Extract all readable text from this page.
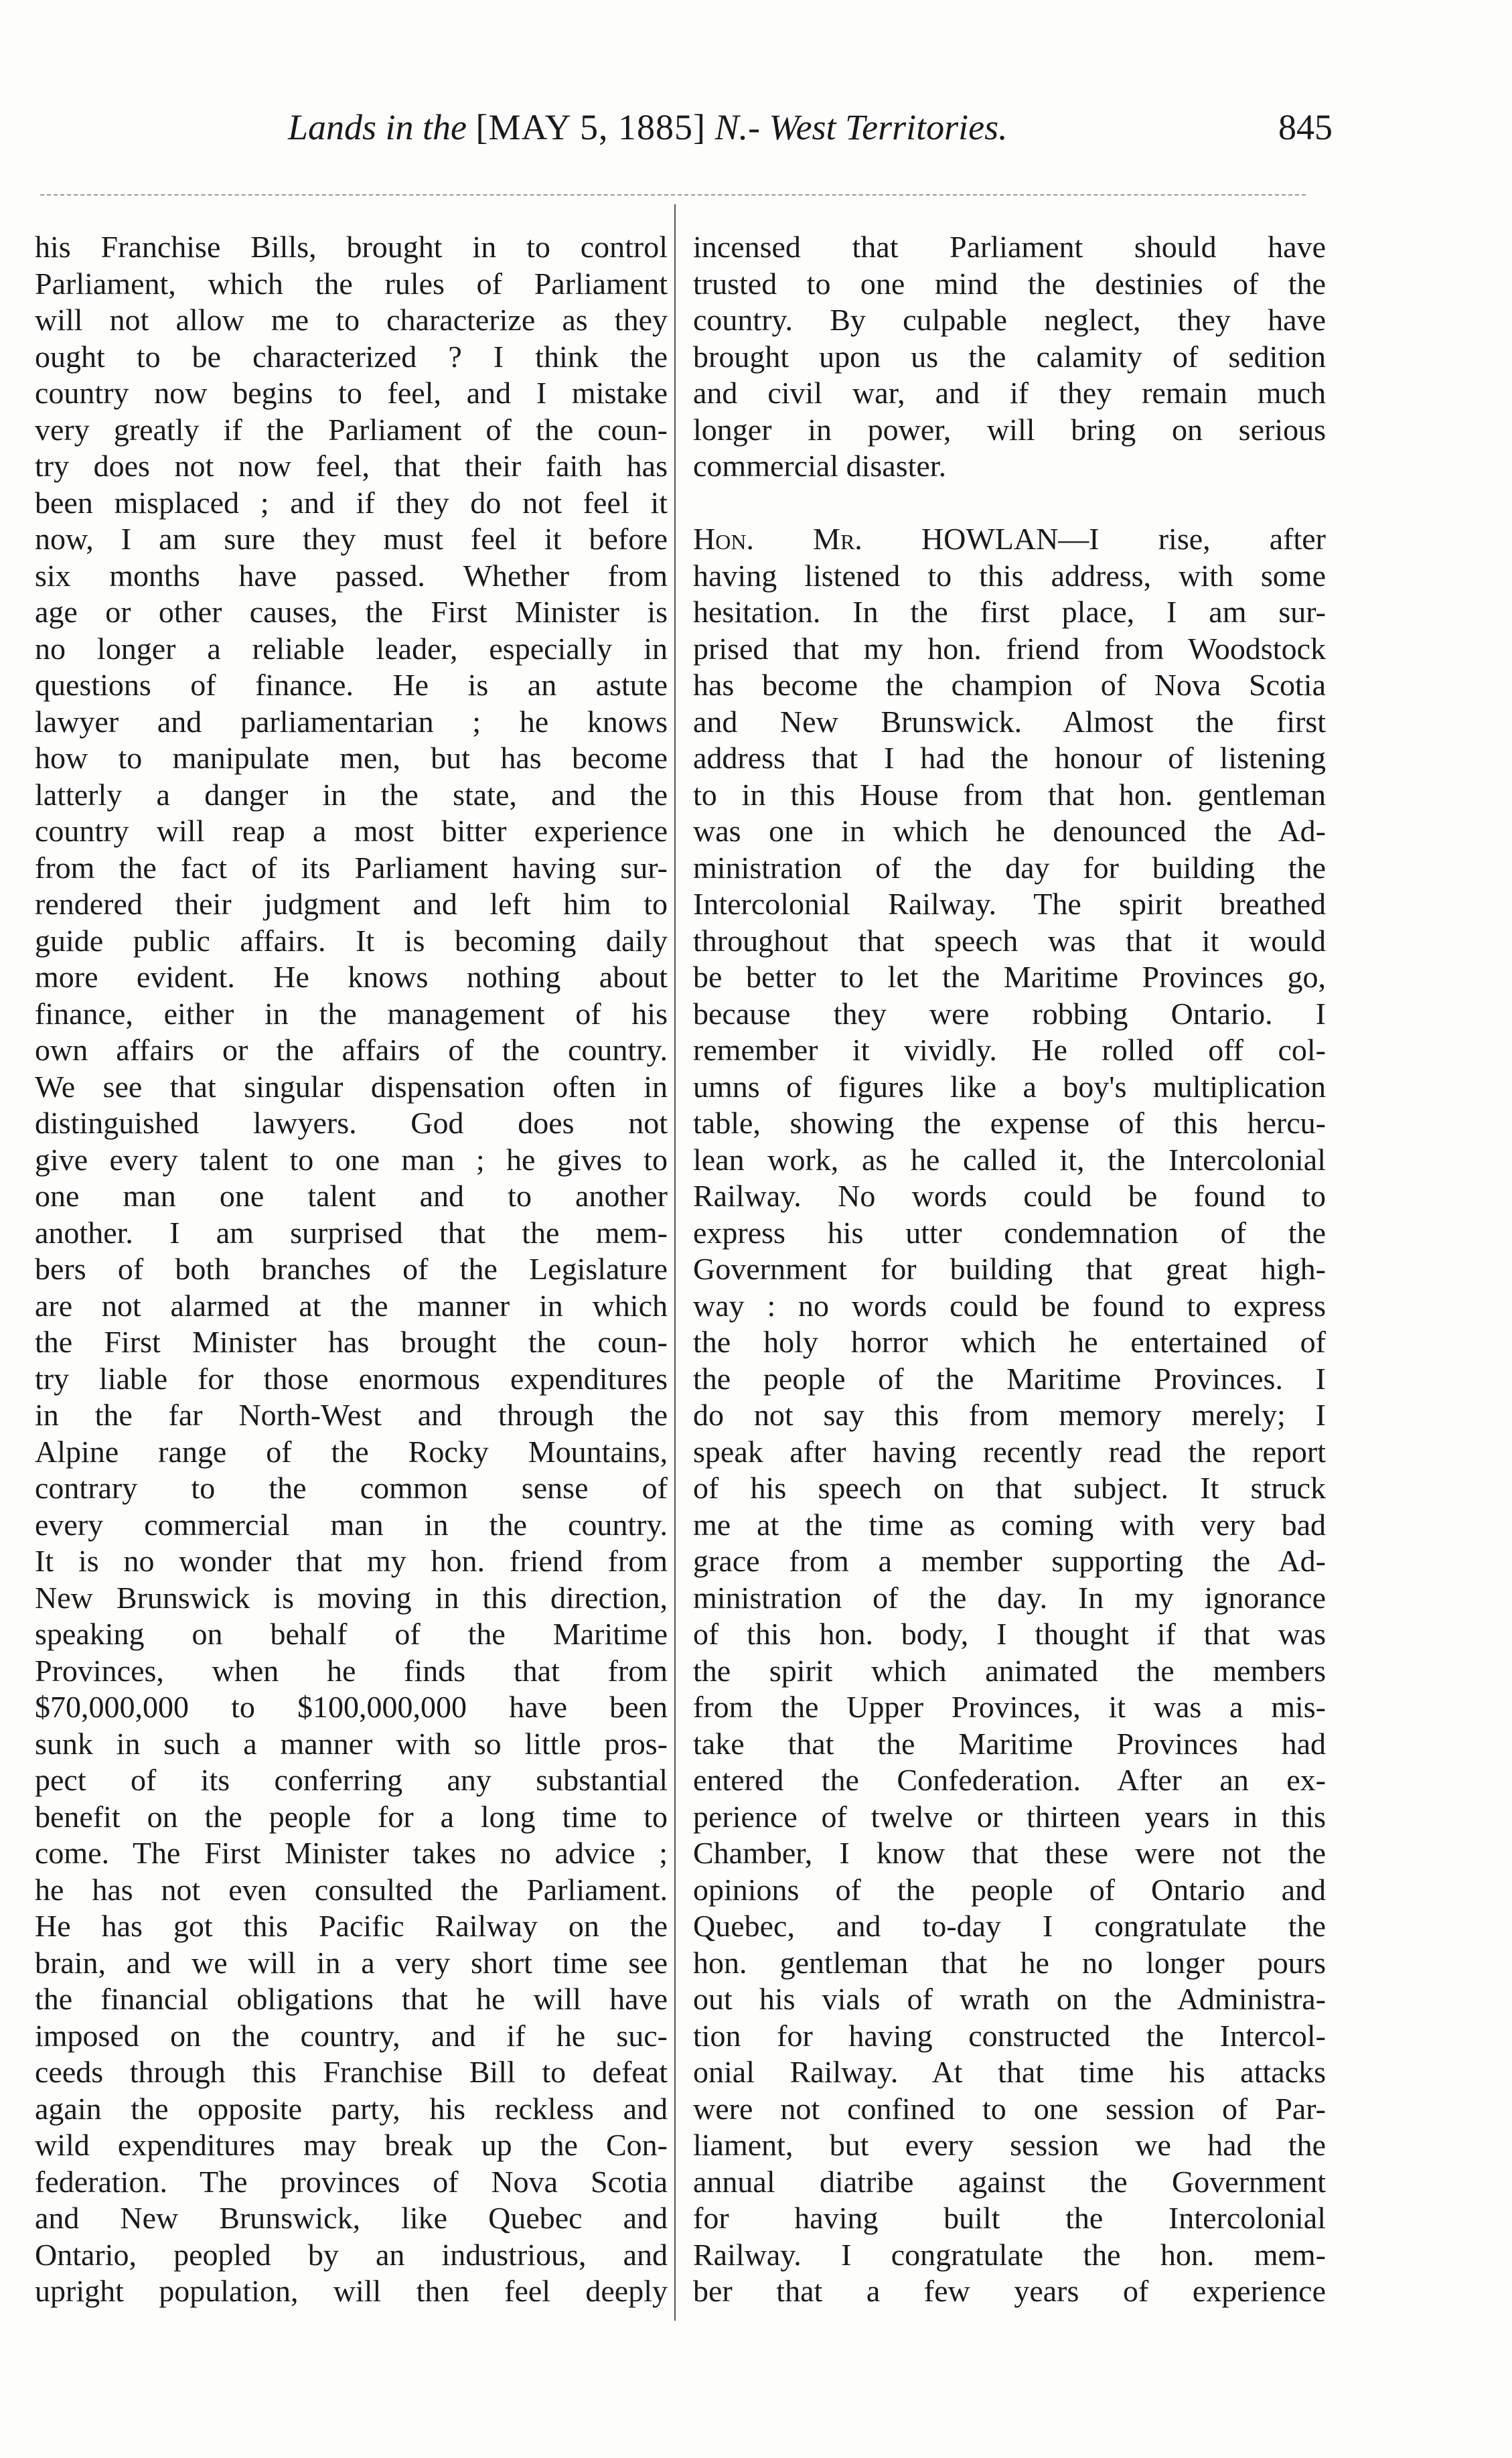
Lands in the [MAY 5, 1885] N.- West Territories.	845
his Franchise Bills, brought in to control
Parliament, which the rules of Parliament
will not allow me to characterize as they
ought to be characterized ? I think the
country now begins to feel, and I mistake
very greatly if the Parliament of the coun-
try does not now feel, that their faith has
been misplaced ; and if they do not feel it
now, I am sure they must feel it before
six months have passed. Whether from
age or other causes, the First Minister is
no longer a reliable leader, especially in
questions of finance. He is an astute
lawyer and parliamentarian ; he knows
how to manipulate men, but has become
latterly a danger in the state, and the
country will reap a most bitter experience
from the fact of its Parliament having sur-
rendered their judgment and left him to
guide public affairs. It is becoming daily
more evident. He knows nothing about
finance, either in the management of his
own affairs or the affairs of the country.
We see that singular dispensation often in
distinguished lawyers. God does not
give every talent to one man ; he gives to
one man one talent and to another
another. I am surprised that the mem-
bers of both branches of the Legislature
are not alarmed at the manner in which
the First Minister has brought the coun-
try liable for those enormous expenditures
in the far North-West and through the
Alpine range of the Rocky Mountains,
contrary to the common sense of
every commercial man in the country.
It is no wonder that my hon. friend from
New Brunswick is moving in this direction,
speaking on behalf of the Maritime
Provinces, when he finds that from
$70,000,000 to $100,000,000 have been
sunk in such a manner with so little pros-
pect of its conferring any substantial
benefit on the people for a long time to
come. The First Minister takes no advice ;
he has not even consulted the Parliament.
He has got this Pacific Railway on the
brain, and we will in a very short time see
the financial obligations that he will have
imposed on the country, and if he suc-
ceeds through this Franchise Bill to defeat
again the opposite party, his reckless and
wild expenditures may break up the Con-
federation. The provinces of Nova Scotia
and New Brunswick, like Quebec and
Ontario, peopled by an industrious, and
upright population, will then feel deeply
incensed that Parliament should have
trusted to one mind the destinies of the
country. By culpable neglect, they have
brought upon us the calamity of sedition
and civil war, and if they remain much
longer in power, will bring on serious
commercial disaster.
Hon. Mr. HOWLAN—I rise, after
having listened to this address, with some
hesitation. In the first place, I am sur-
prised that my hon. friend from Woodstock
has become the champion of Nova Scotia
and New Brunswick. Almost the first
address that I had the honour of listening
to in this House from that hon. gentleman
was one in which he denounced the Ad-
ministration of the day for building the
Intercolonial Railway. The spirit breathed
throughout that speech was that it would
be better to let the Maritime Provinces go,
because they were robbing Ontario. I
remember it vividly. He rolled off col-
umns of figures like a boy's multiplication
table, showing the expense of this hercu-
lean work, as he called it, the Intercolonial
Railway. No words could be found to
express his utter condemnation of the
Government for building that great high-
way : no words could be found to express
the holy horror which he entertained of
the people of the Maritime Provinces. I
do not say this from memory merely; I
speak after having recently read the report
of his speech on that subject. It struck
me at the time as coming with very bad
grace from a member supporting the Ad-
ministration of the day. In my ignorance
of this hon. body, I thought if that was
the spirit which animated the members
from the Upper Provinces, it was a mis-
take that the Maritime Provinces had
entered the Confederation. After an ex-
perience of twelve or thirteen years in this
Chamber, I know that these were not the
opinions of the people of Ontario and
Quebec, and to-day I congratulate the
hon. gentleman that he no longer pours
out his vials of wrath on the Administra-
tion for having constructed the Intercol-
onial Railway. At that time his attacks
were not confined to one session of Par-
liament, but every session we had the
annual diatribe against the Government
for having built the Intercolonial
Railway. I congratulate the hon. mem-
ber that a few years of experience
